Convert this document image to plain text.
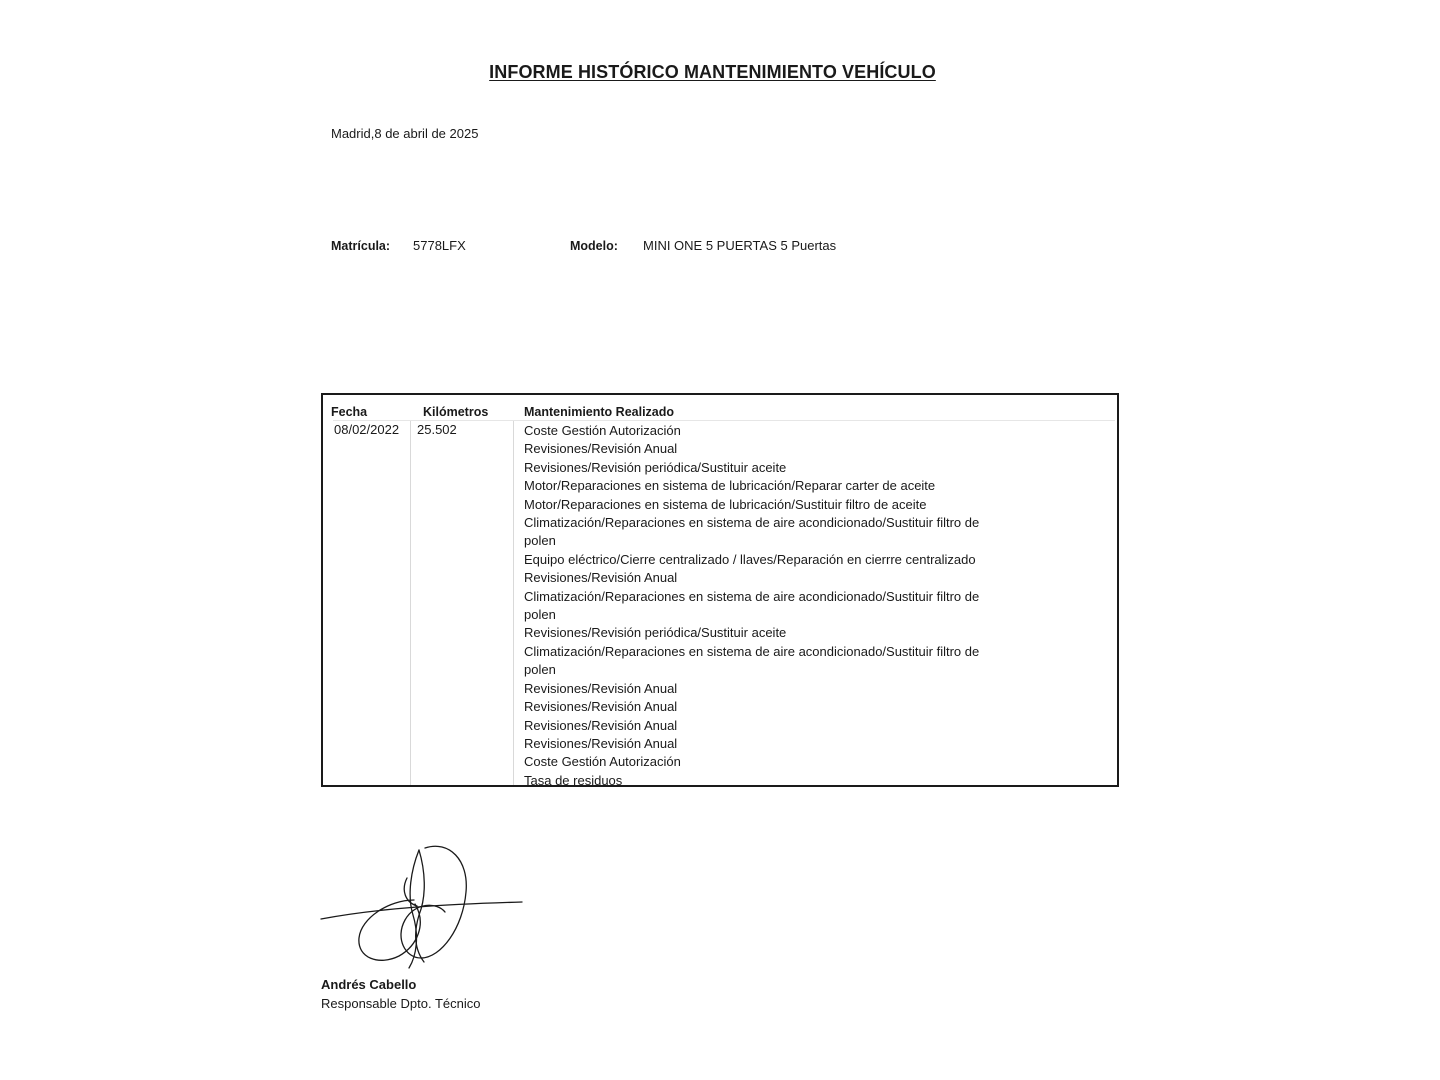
INFORME HISTÓRICO MANTENIMIENTO VEHÍCULO
Madrid,8 de abril de 2025
Matrícula: 5778LFX	Modelo: MINI ONE 5 PUERTAS 5 Puertas
Fecha	Kilómetros	Mantenimiento Realizado
08/02/2022 25.502	Coste Gestión Autorización
Revisiones/Revisión Anual
Revisiones/Revisión periódica/Sustituir aceite
Motor/Reparaciones en sistema de lubricación/Reparar carter de aceite
Motor/Reparaciones en sistema de lubricación/Sustituir filtro de aceite
Climatización/Reparaciones en sistema de aire acondicionado/Sustituir filtro de polen
Equipo eléctrico/Cierre centralizado / llaves/Reparación en cierrre centralizado
Revisiones/Revisión Anual
Climatización/Reparaciones en sistema de aire acondicionado/Sustituir filtro de polen
Revisiones/Revisión periódica/Sustituir aceite
Climatización/Reparaciones en sistema de aire acondicionado/Sustituir filtro de polen
Revisiones/Revisión Anual
Revisiones/Revisión Anual
Revisiones/Revisión Anual
Revisiones/Revisión Anual
Coste Gestión Autorización
Tasa de residuos
Andrés Cabello
Responsable Dpto. Técnico
